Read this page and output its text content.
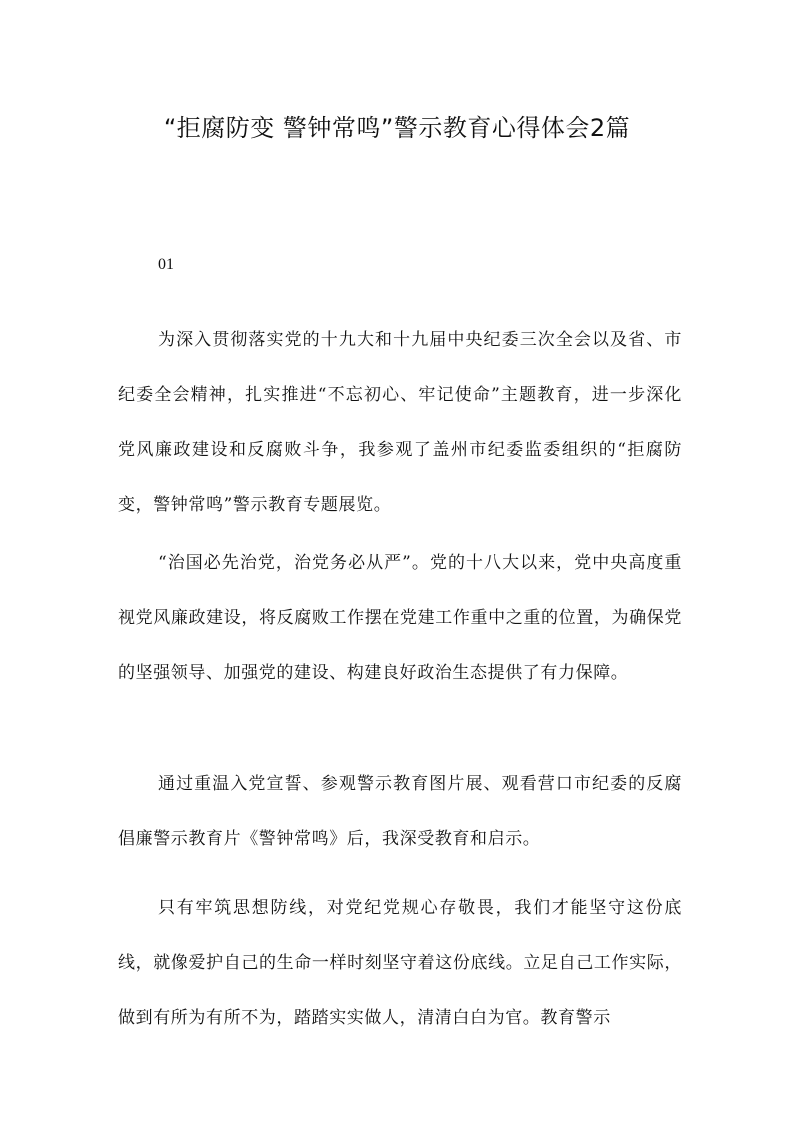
“拒腐防变 警钟常鸣”警示教育心得体会2篇
01

为深入贯彻落实党的十九大和十九届中央纪委三次全会以及省、市纪委全会精神，扎实推进“不忘初心、牢记使命”主题教育，进一步深化党风廉政建设和反腐败斗争，我参观了盖州市纪委监委组织的“拒腐防变，警钟常鸣”警示教育专题展览。

“治国必先治党，治党务必从严”。党的十八大以来，党中央高度重视党风廉政建设，将反腐败工作摆在党建工作重中之重的位置，为确保党的坚强领导、加强党的建设、构建良好政治生态提供了有力保障。

通过重温入党宣誓、参观警示教育图片展、观看营口市纪委的反腐倡廉警示教育片《警钟常鸣》后，我深受教育和启示。

只有牢筑思想防线，对党纪党规心存敬畏，我们才能坚守这份底线，就像爱护自己的生命一样时刻坚守着这份底线。立足自己工作实际，做到有所为有所不为，踏踏实实做人，清清白白为官。教育警示
